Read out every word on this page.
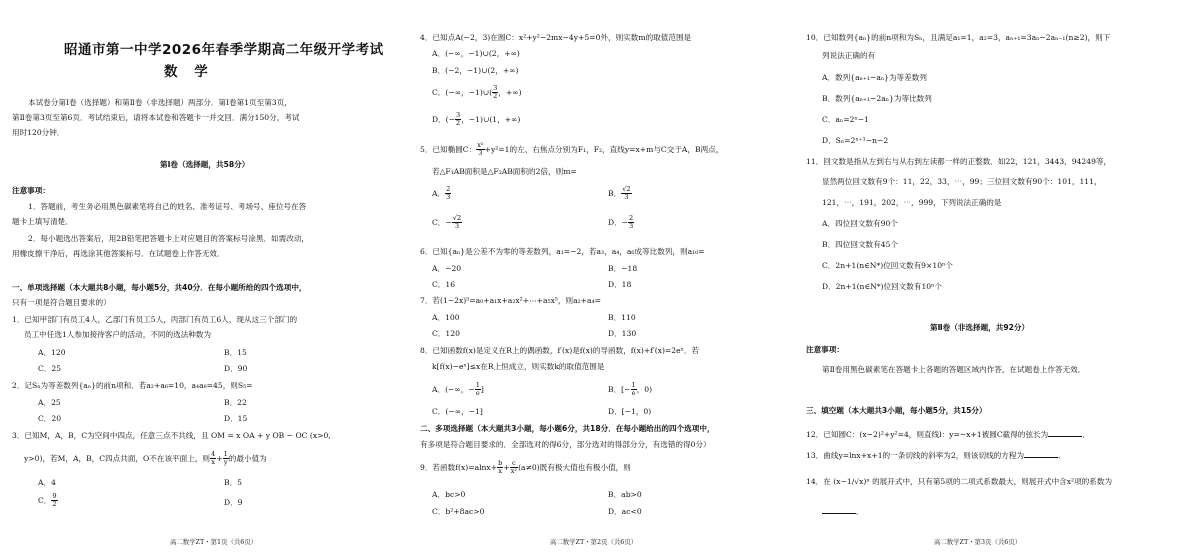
昭通市第一中学2026年春季学期高二年级开学考试
数 学
本试卷分第Ⅰ卷（选择题）和第Ⅱ卷（非选择题）两部分．第Ⅰ卷第1页至第3页，
第Ⅱ卷第3页至第6页．考试结束后，请将本试卷和答题卡一并交回．满分150分，考试
用时120分钟．
第Ⅰ卷（选择题，共58分）
注意事项：
1．答题前，考生务必用黑色碳素笔将自己的姓名、准考证号、考场号、座位号在答
题卡上填写清楚．
2．每小题选出答案后，用2B铅笔把答题卡上对应题目的答案标号涂黑．如需改动，
用橡皮擦干净后，再选涂其他答案标号．在试题卷上作答无效．
一、单项选择题（本大题共8小题，每小题5分，共40分．在每小题所给的四个选项中，
只有一项是符合题目要求的）
1．已知甲部门有员工4人，乙部门有员工5人，丙部门有员工6人，现从这三个部门的
员工中任选1人参加接待客户的活动，不同的选法种数为
A．120	B．15
C．25	D．90
2．记Sₙ为等差数列{aₙ}的前n项和．若a₂+a₆=10，a₄a₈=45，则S₅=
A．25	B．22
C．20	D．15
3．已知M，A，B，C为空间中四点，任意三点不共线，且 OM = x OA + y OB − OC (x>0,
y>0)，若M，A，B，C四点共面，O不在该平面上，则 $\frac{4}{x} + \frac{1}{y}$ 的最小值为
A．4	B．5
C． $\frac{9}{2}$	D．9
高二数学ZT・第1页（共6页）
4．已知点A(−2，3)在圆C：x²+y²−2mx−4y+5=0外，则实数m的取值范围是
A．(−∞，−1)∪(2，+∞)
B．(−2，−1)∪(2，+∞)
C．(−∞，−1)∪( $\frac{3}{2}$ ，+∞)
D．(− $\frac{3}{2}$ ，−1)∪(1，+∞)
5．已知椭圆C： $\frac{\text{x²}}{3} +y^2=1$的左、右焦点分别为F₁，F₂，直线y=x+m与C交于A，B两点，
若△F₁AB面积是△F₂AB面积的2倍，则m=
A． $\frac{2}{3}$	B． $\frac{√2}{3}$
C．− $\frac{√2}{3}$	D．− $\frac{2}{3}$
6．已知{aₙ}是公差不为零的等差数列，a₁=−2，若a₃，a₄，a₆成等比数列，则a₁₀=
A．−20	B．−18
C．16	D．18
7．若(1−2x)⁵=a₀+a₁x+a₂x²+⋯+a₅x⁵，则a₂+a₄=
A．100	B．110
C．120	D．130
8．已知函数f(x)是定义在R上的偶函数，f′(x)是f(x)的导函数，f(x)+f′(x)=2eˣ．若
k[f(x)−eˣ]≤x在R上恒成立，则实数k的取值范围是
A．(−∞，− $\frac{1}{e}$ ]	B．[− $\frac{1}{e}$ ，0)
C．(−∞，−1]	D．[−1，0)
二、多项选择题（本大题共3小题，每小题6分，共18分．在每小题给出的四个选项中，
有多项是符合题目要求的．全部选对的得6分，部分选对的得部分分，有选错的得0分）
9．若函数$f(x)=alnx+ \frac{b}{x} + \frac{c}{\text{x²}} (a\ne 0)$既有极大值也有极小值，则
A．bc>0	B．ab>0
C．b²+8ac>0	D．ac<0
高二数学ZT・第2页（共6页）
10．已知数列{aₙ}的前n项和为Sₙ，且满足a₁=1，a₂=3，aₙ₊₁=3aₙ−2aₙ₋₁(n≥2)，则下
列说法正确的有
A．数列{aₙ₊₁−aₙ}为等差数列
B．数列{aₙ₊₁−2aₙ}为等比数列
C．aₙ=2ⁿ−1
D．Sₙ=2ⁿ⁺¹−n−2
11．回文数是指从左到右与从右到左读都一样的正整数．如22，121，3443，94249等，
显然两位回文数有9个：11，22，33，⋯，99；三位回文数有90个：101，111，
121，⋯，191，202，⋯，999，下列说法正确的是
A．四位回文数有90个
B．四位回文数有45个
C．2n+1(n∈N*)位回文数有9×10ⁿ个
D．2n+1(n∈N*)位回文数有10ⁿ个
第Ⅱ卷（非选择题，共92分）
注意事项：
第Ⅱ卷用黑色碳素笔在答题卡上各题的答题区域内作答，在试题卷上作答无效．
三、填空题（本大题共3小题，每小题5分，共15分）
12．已知圆C：(x−2)²+y²=4，则直线l：y=−x+1被圆C截得的弦长为	．
13．曲线y=lnx+x+1的一条切线的斜率为2，则该切线的方程为	．
14．在 (x−1/√x)ⁿ 的展开式中，只有第5项的二项式系数最大，则展开式中含x²项的系数为
．
高二数学ZT・第3页（共6页）
